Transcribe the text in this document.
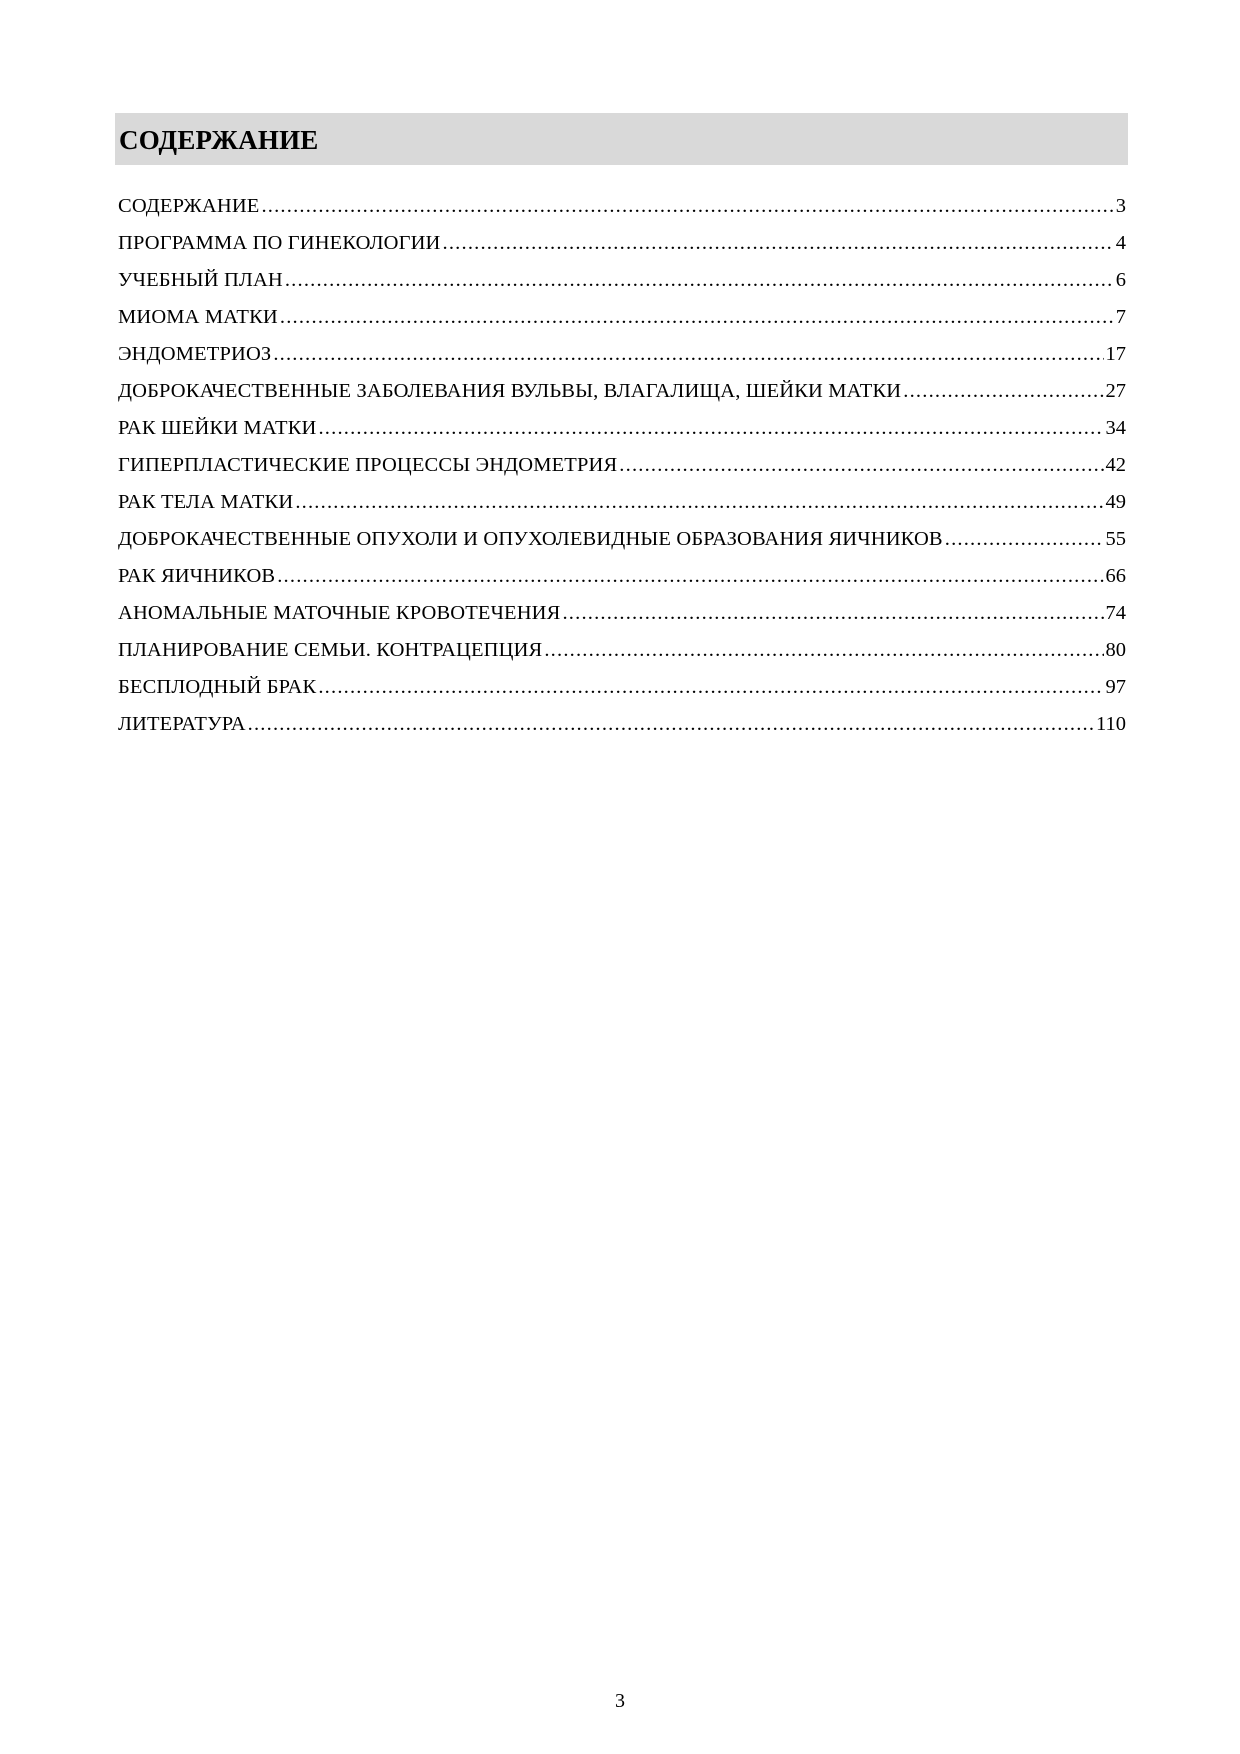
СОДЕРЖАНИЕ
СОДЕРЖАНИЕ .....	3
ПРОГРАММА ПО ГИНЕКОЛОГИИ .....	4
УЧЕБНЫЙ ПЛАН .....	6
МИОМА МАТКИ .....	7
ЭНДОМЕТРИОЗ .....	17
ДОБРОКАЧЕСТВЕННЫЕ ЗАБОЛЕВАНИЯ ВУЛЬВЫ, ВЛАГАЛИЩА, ШЕЙКИ МАТКИ .....	27
РАК ШЕЙКИ МАТКИ .....	34
ГИПЕРПЛАСТИЧЕСКИЕ ПРОЦЕССЫ ЭНДОМЕТРИЯ .....	42
РАК ТЕЛА МАТКИ .....	49
ДОБРОКАЧЕСТВЕННЫЕ ОПУХОЛИ И ОПУХОЛЕВИДНЫЕ ОБРАЗОВАНИЯ ЯИЧНИКОВ .....	55
РАК ЯИЧНИКОВ .....	66
АНОМАЛЬНЫЕ МАТОЧНЫЕ КРОВОТЕЧЕНИЯ .....	74
ПЛАНИРОВАНИЕ СЕМЬИ. КОНТРАЦЕПЦИЯ .....	80
БЕСПЛОДНЫЙ БРАК .....	97
ЛИТЕРАТУРА .....	110
3
